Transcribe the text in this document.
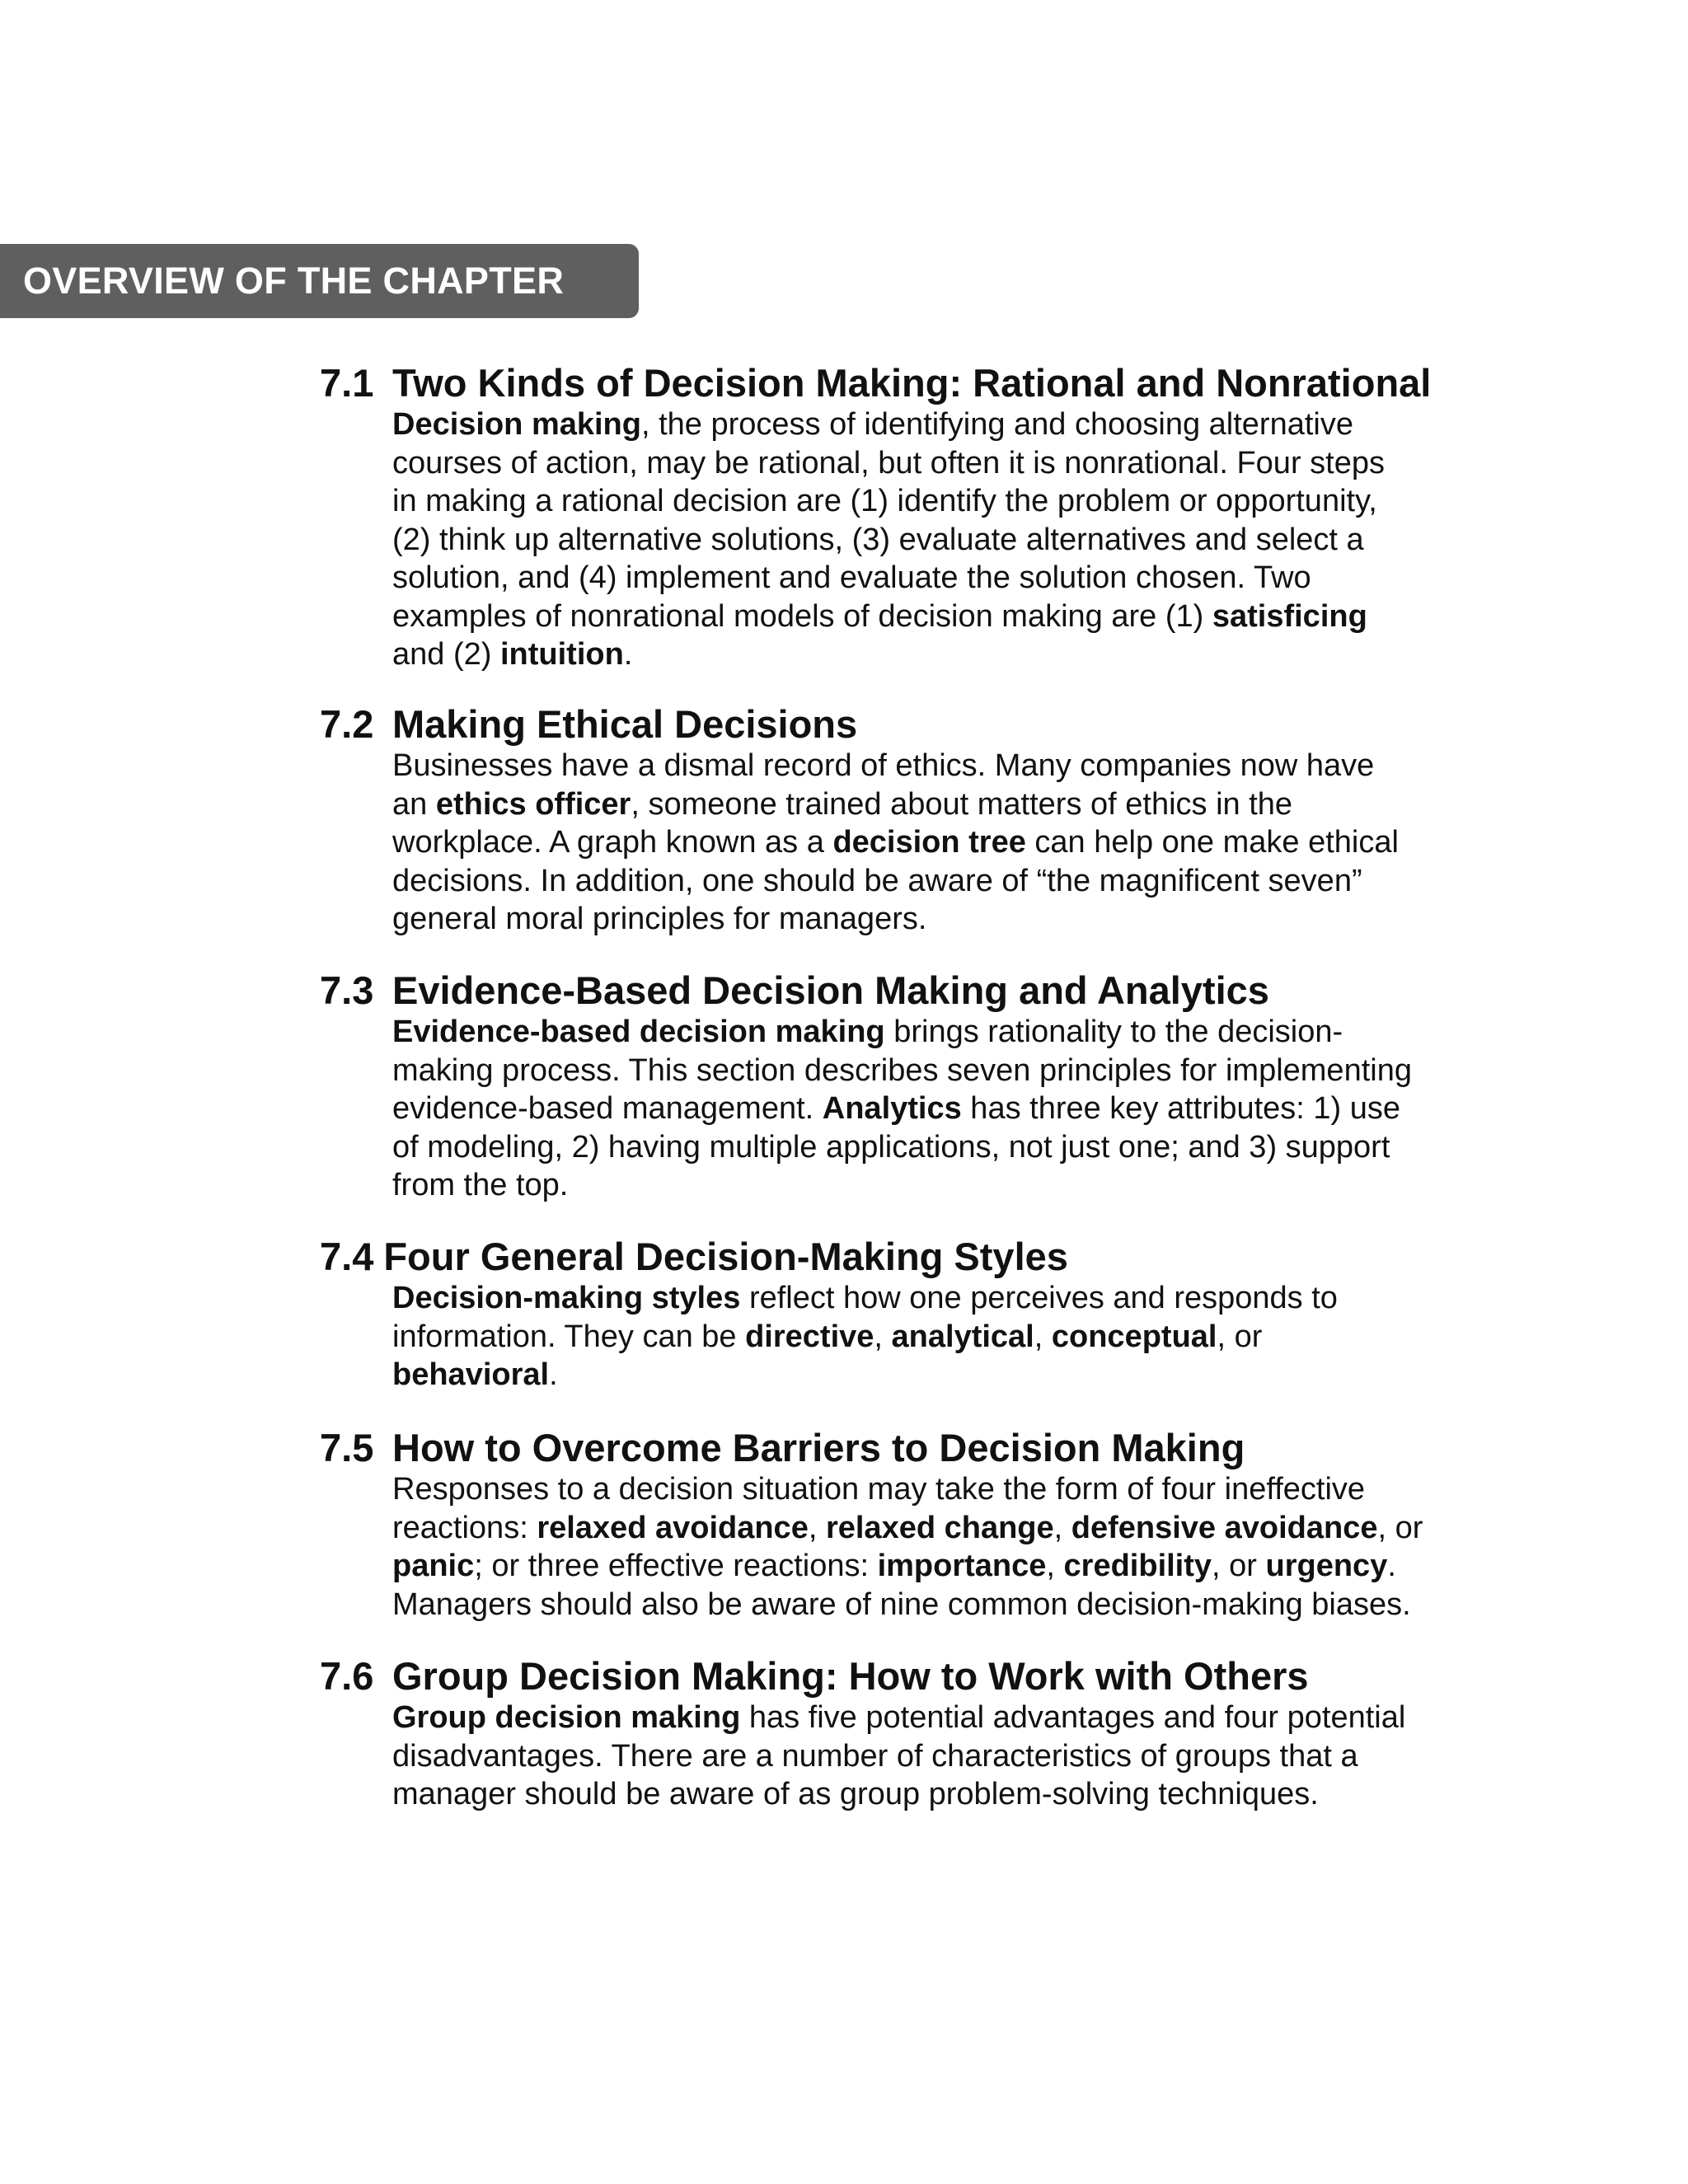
OVERVIEW OF THE CHAPTER
7.1 Two Kinds of Decision Making: Rational and Nonrational
Decision making, the process of identifying and choosing alternative
courses of action, may be rational, but often it is nonrational. Four steps
in making a rational decision are (1) identify the problem or opportunity,
(2) think up alternative solutions, (3) evaluate alternatives and select a
solution, and (4) implement and evaluate the solution chosen. Two
examples of nonrational models of decision making are (1) satisficing
and (2) intuition.
7.2 Making Ethical Decisions
Businesses have a dismal record of ethics. Many companies now have
an ethics officer, someone trained about matters of ethics in the
workplace. A graph known as a decision tree can help one make ethical
decisions. In addition, one should be aware of “the magnificent seven”
general moral principles for managers.
7.3 Evidence-Based Decision Making and Analytics
Evidence-based decision making brings rationality to the decision-
making process. This section describes seven principles for implementing
evidence-based management. Analytics has three key attributes: 1) use
of modeling, 2) having multiple applications, not just one; and 3) support
from the top.
7.4 Four General Decision-Making Styles
Decision-making styles reflect how one perceives and responds to
information. They can be directive, analytical, conceptual, or
behavioral.
7.5 How to Overcome Barriers to Decision Making
Responses to a decision situation may take the form of four ineffective
reactions: relaxed avoidance, relaxed change, defensive avoidance, or
panic; or three effective reactions: importance, credibility, or urgency.
Managers should also be aware of nine common decision-making biases.
7.6 Group Decision Making: How to Work with Others
Group decision making has five potential advantages and four potential
disadvantages. There are a number of characteristics of groups that a
manager should be aware of as group problem-solving techniques.
